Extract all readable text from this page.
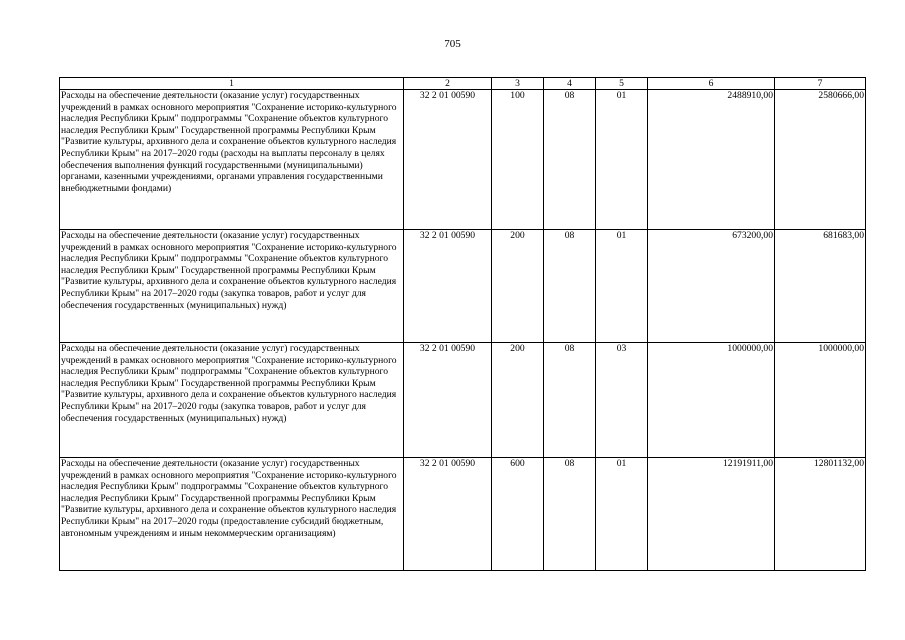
705
1	2	3	4	5	6	7
Расходы на обеспечение деятельности (оказание услуг) государственных учреждений в рамках основного мероприятия "Сохранение историко-культурного наследия Республики Крым" подпрограммы "Сохранение объектов культурного наследия Республики Крым" Государственной программы Республики Крым "Развитие культуры, архивного дела и сохранение объектов культурного наследия Республики Крым" на 2017–2020 годы (расходы на выплаты персоналу в целях обеспечения выполнения функций государственными (муниципальными) органами, казенными учреждениями, органами управления государственными внебюджетными фондами)	32 2 01 00590	100	08	01	2488910,00	2580666,00
Расходы на обеспечение деятельности (оказание услуг) государственных учреждений в рамках основного мероприятия "Сохранение историко-культурного наследия Республики Крым" подпрограммы "Сохранение объектов культурного наследия Республики Крым" Государственной программы Республики Крым "Развитие культуры, архивного дела и сохранение объектов культурного наследия Республики Крым" на 2017–2020 годы (закупка товаров, работ и услуг для обеспечения государственных (муниципальных) нужд)	32 2 01 00590	200	08	01	673200,00	681683,00
Расходы на обеспечение деятельности (оказание услуг) государственных учреждений в рамках основного мероприятия "Сохранение историко-культурного наследия Республики Крым" подпрограммы "Сохранение объектов культурного наследия Республики Крым" Государственной программы Республики Крым "Развитие культуры, архивного дела и сохранение объектов культурного наследия Республики Крым" на 2017–2020 годы (закупка товаров, работ и услуг для обеспечения государственных (муниципальных) нужд)	32 2 01 00590	200	08	03	1000000,00	1000000,00
Расходы на обеспечение деятельности (оказание услуг) государственных учреждений в рамках основного мероприятия "Сохранение историко-культурного наследия Республики Крым" подпрограммы "Сохранение объектов культурного наследия Республики Крым" Государственной программы Республики Крым "Развитие культуры, архивного дела и сохранение объектов культурного наследия Республики Крым" на 2017–2020 годы (предоставление субсидий бюджетным, автономным учреждениям и иным некоммерческим организациям)	32 2 01 00590	600	08	01	12191911,00	12801132,00
